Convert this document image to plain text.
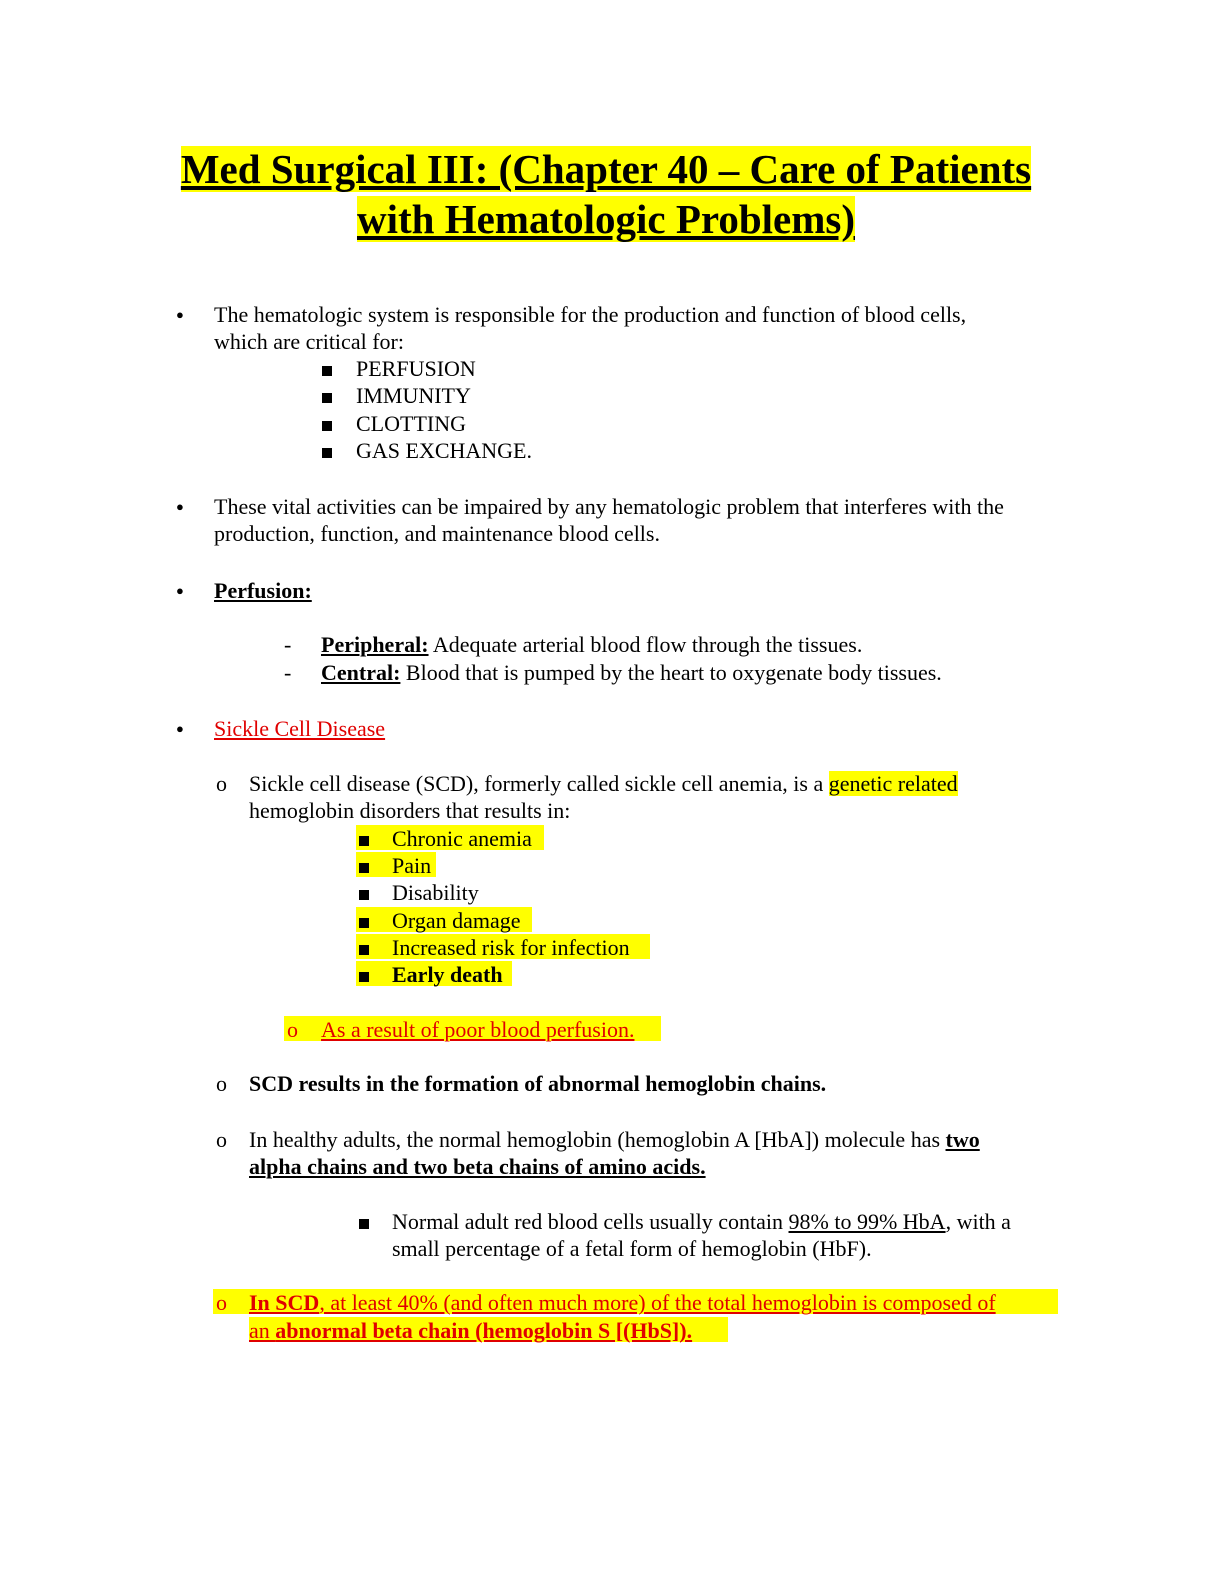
Med Surgical III: (Chapter 40 – Care of Patients
with Hematologic Problems)
●
The hematologic system is responsible for the production and function of blood cells,
which are critical for:
PERFUSION
IMMUNITY
CLOTTING
GAS EXCHANGE.
●
These vital activities can be impaired by any hematologic problem that interferes with the
production, function, and maintenance blood cells.
●
Perfusion:
- Peripheral: Adequate arterial blood flow through the tissues.
- Central: Blood that is pumped by the heart to oxygenate body tissues.
●
Sickle Cell Disease
o Sickle cell disease (SCD), formerly called sickle cell anemia, is a genetic related
hemoglobin disorders that results in:
Chronic anemia
Pain
Disability
Organ damage
Increased risk for infection
Early death
o As a result of poor blood perfusion.
o SCD results in the formation of abnormal hemoglobin chains.
o In healthy adults, the normal hemoglobin (hemoglobin A [HbA]) molecule has two
alpha chains and two beta chains of amino acids.
Normal adult red blood cells usually contain 98% to 99% HbA, with a
small percentage of a fetal form of hemoglobin (HbF).
o In SCD, at least 40% (and often much more) of the total hemoglobin is composed of
an abnormal beta chain (hemoglobin S [(HbS]).
